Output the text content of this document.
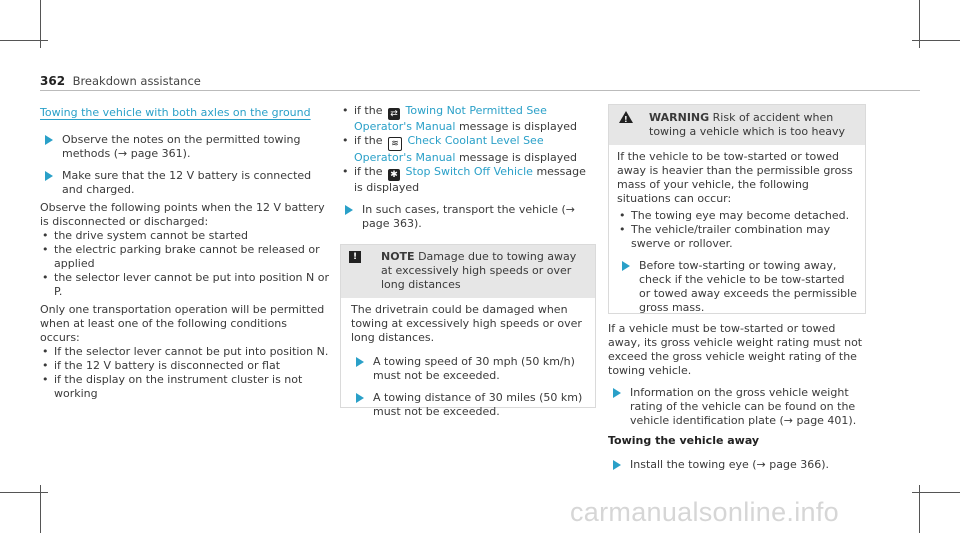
362 Breakdown assistance

Towing the vehicle with both axles on the ground

Observe the notes on the permitted towing methods (→ page 361).

Make sure that the 12 V battery is connected and charged.

Observe the following points when the 12 V battery is disconnected or discharged:

• the drive system cannot be started

• the electric parking brake cannot be released or applied

• the selector lever cannot be put into position N or P.

Only one transportation operation will be permitted when at least one of the following conditions occurs:

• If the selector lever cannot be put into position N.

• if the 12 V battery is disconnected or flat

• if the display on the instrument cluster is not working

• if the ⇄ Towing Not Permitted See Operator's Manual message is displayed

• if the ≋ Check Coolant Level See Operator's Manual message is displayed

• if the ✱ Stop Switch Off Vehicle message is displayed

In such cases, transport the vehicle (→ page 363).

!	NOTE Damage due to towing away at excessively high speeds or over long distances

The drivetrain could be damaged when towing at excessively high speeds or over long distances.

A towing speed of 30 mph (50 km/h) must not be exceeded.

A towing distance of 30 miles (50 km) must not be exceeded.

!	WARNING Risk of accident when towing a vehicle which is too heavy

If the vehicle to be tow-started or towed away is heavier than the permissible gross mass of your vehicle, the following situations can occur:

• The towing eye may become detached.

• The vehicle/trailer combination may swerve or rollover.

Before tow-starting or towing away, check if the vehicle to be tow-started or towed away exceeds the permissible gross mass.

If a vehicle must be tow-started or towed away, its gross vehicle weight rating must not exceed the gross vehicle weight rating of the towing vehicle.

Information on the gross vehicle weight rating of the vehicle can be found on the vehicle identification plate (→ page 401).

Towing the vehicle away

Install the towing eye (→ page 366).

carmanualsonline.info
